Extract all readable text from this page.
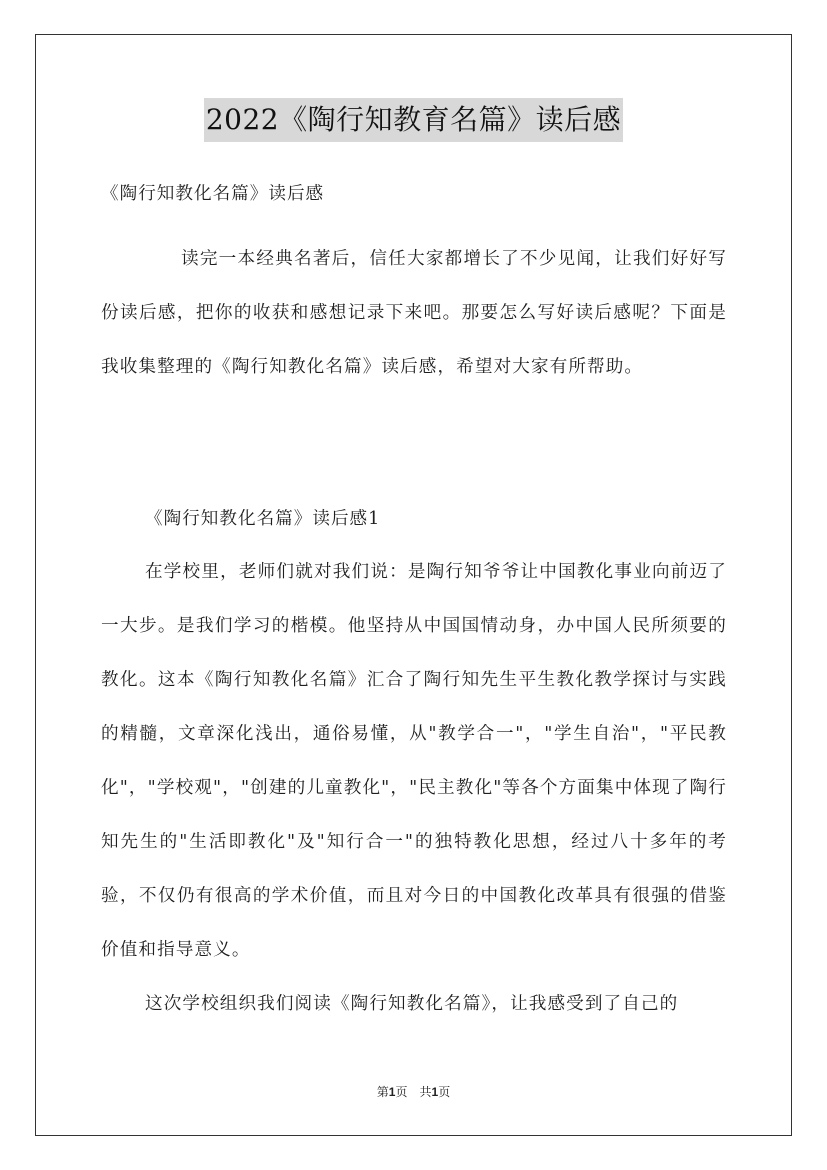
2022《陶行知教育名篇》读后感
《陶行知教化名篇》读后感
读完一本经典名著后，信任大家都增长了不少见闻，让我们好好写份读后感，把你的收获和感想记录下来吧。那要怎么写好读后感呢？下面是我收集整理的《陶行知教化名篇》读后感，希望对大家有所帮助。
《陶行知教化名篇》读后感1
在学校里，老师们就对我们说：是陶行知爷爷让中国教化事业向前迈了一大步。是我们学习的楷模。他坚持从中国国情动身，办中国人民所须要的教化。这本《陶行知教化名篇》汇合了陶行知先生平生教化教学探讨与实践的精髓，文章深化浅出，通俗易懂，从"教学合一"，"学生自治"，"平民教化"，"学校观"，"创建的儿童教化"，"民主教化"等各个方面集中体现了陶行知先生的"生活即教化"及"知行合一"的独特教化思想，经过八十多年的考验，不仅仍有很高的学术价值，而且对今日的中国教化改革具有很强的借鉴价值和指导意义。
这次学校组织我们阅读《陶行知教化名篇》，让我感受到了自己的
第1页　共1页
